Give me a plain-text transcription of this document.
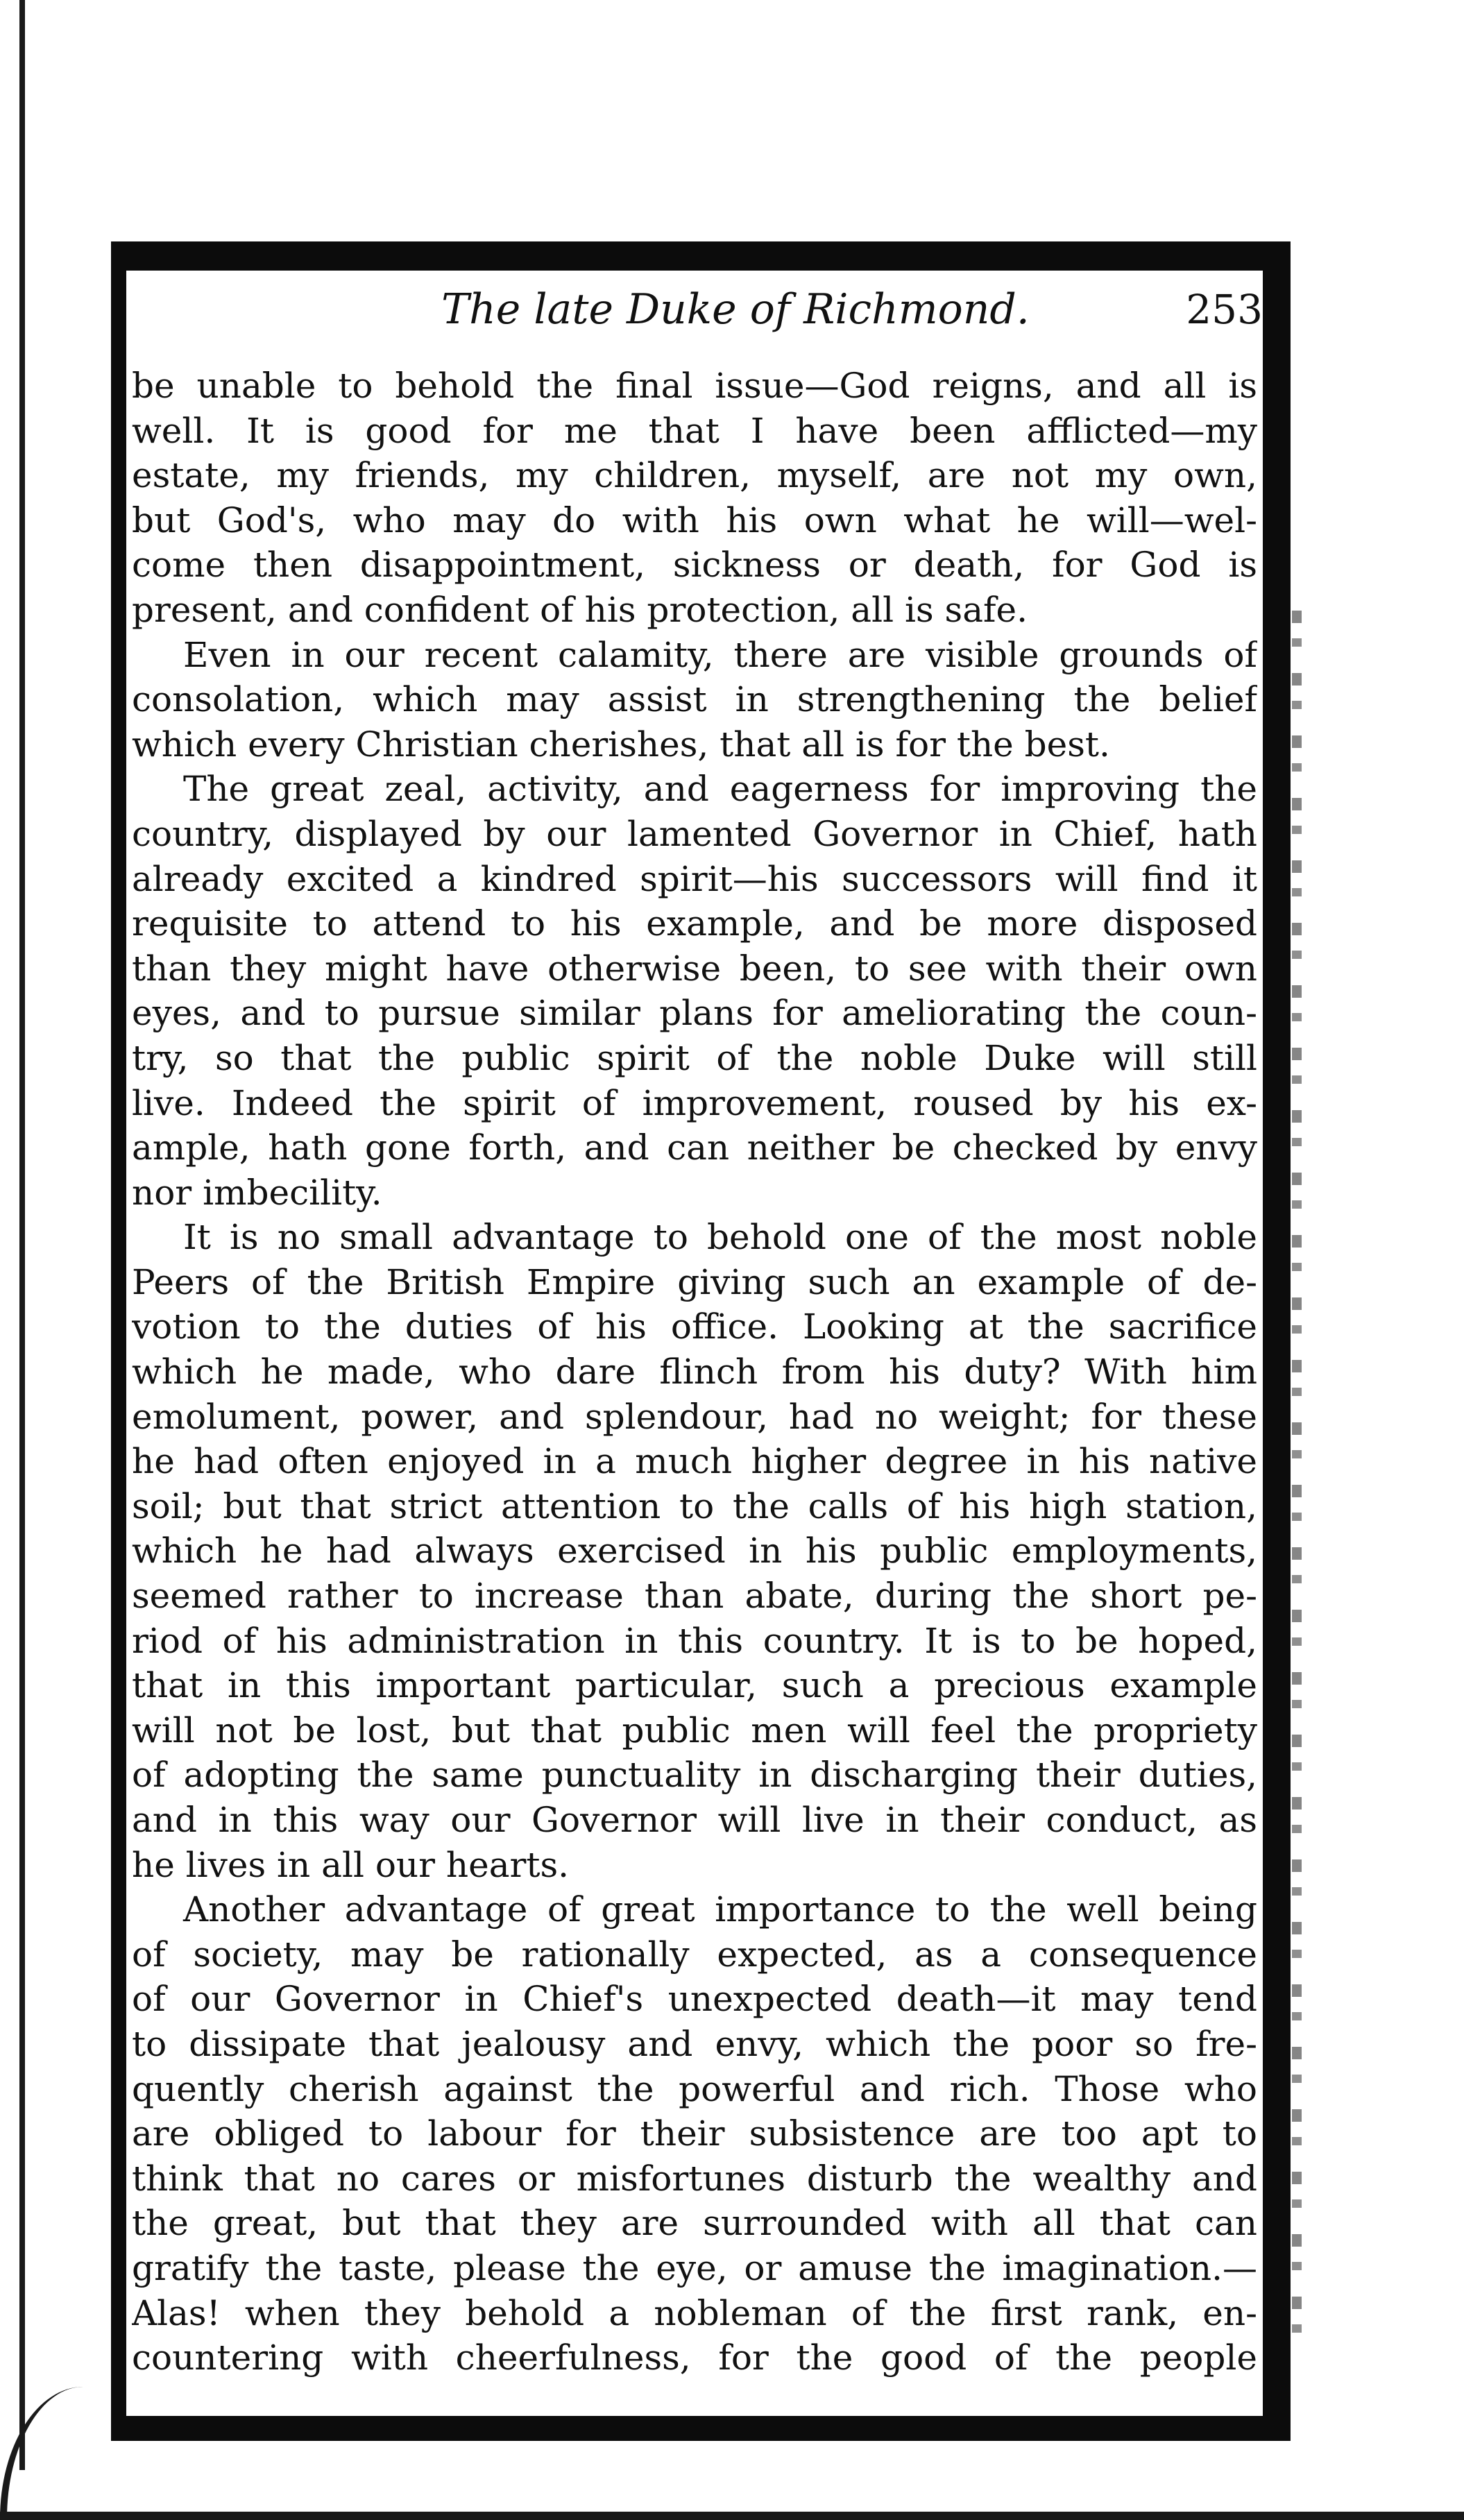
The late Duke of Richmond.	253
be unable to behold the final issue—God reigns, and all is
well. It is good for me that I have been afflicted—my
estate, my friends, my children, myself, are not my own,
but God's, who may do with his own what he will—wel-
come then disappointment, sickness or death, for God is
present, and confident of his protection, all is safe.
Even in our recent calamity, there are visible grounds of
consolation, which may assist in strengthening the belief
which every Christian cherishes, that all is for the best.
The great zeal, activity, and eagerness for improving the
country, displayed by our lamented Governor in Chief, hath
already excited a kindred spirit—his successors will find it
requisite to attend to his example, and be more disposed
than they might have otherwise been, to see with their own
eyes, and to pursue similar plans for ameliorating the coun-
try, so that the public spirit of the noble Duke will still
live. Indeed the spirit of improvement, roused by his ex-
ample, hath gone forth, and can neither be checked by envy
nor imbecility.
It is no small advantage to behold one of the most noble
Peers of the British Empire giving such an example of de-
votion to the duties of his office. Looking at the sacrifice
which he made, who dare flinch from his duty? With him
emolument, power, and splendour, had no weight; for these
he had often enjoyed in a much higher degree in his native
soil; but that strict attention to the calls of his high station,
which he had always exercised in his public employments,
seemed rather to increase than abate, during the short pe-
riod of his administration in this country. It is to be hoped,
that in this important particular, such a precious example
will not be lost, but that public men will feel the propriety
of adopting the same punctuality in discharging their duties,
and in this way our Governor will live in their conduct, as
he lives in all our hearts.
Another advantage of great importance to the well being
of society, may be rationally expected, as a consequence
of our Governor in Chief's unexpected death—it may tend
to dissipate that jealousy and envy, which the poor so fre-
quently cherish against the powerful and rich. Those who
are obliged to labour for their subsistence are too apt to
think that no cares or misfortunes disturb the wealthy and
the great, but that they are surrounded with all that can
gratify the taste, please the eye, or amuse the imagination.—
Alas! when they behold a nobleman of the first rank, en-
countering with cheerfulness, for the good of the people
